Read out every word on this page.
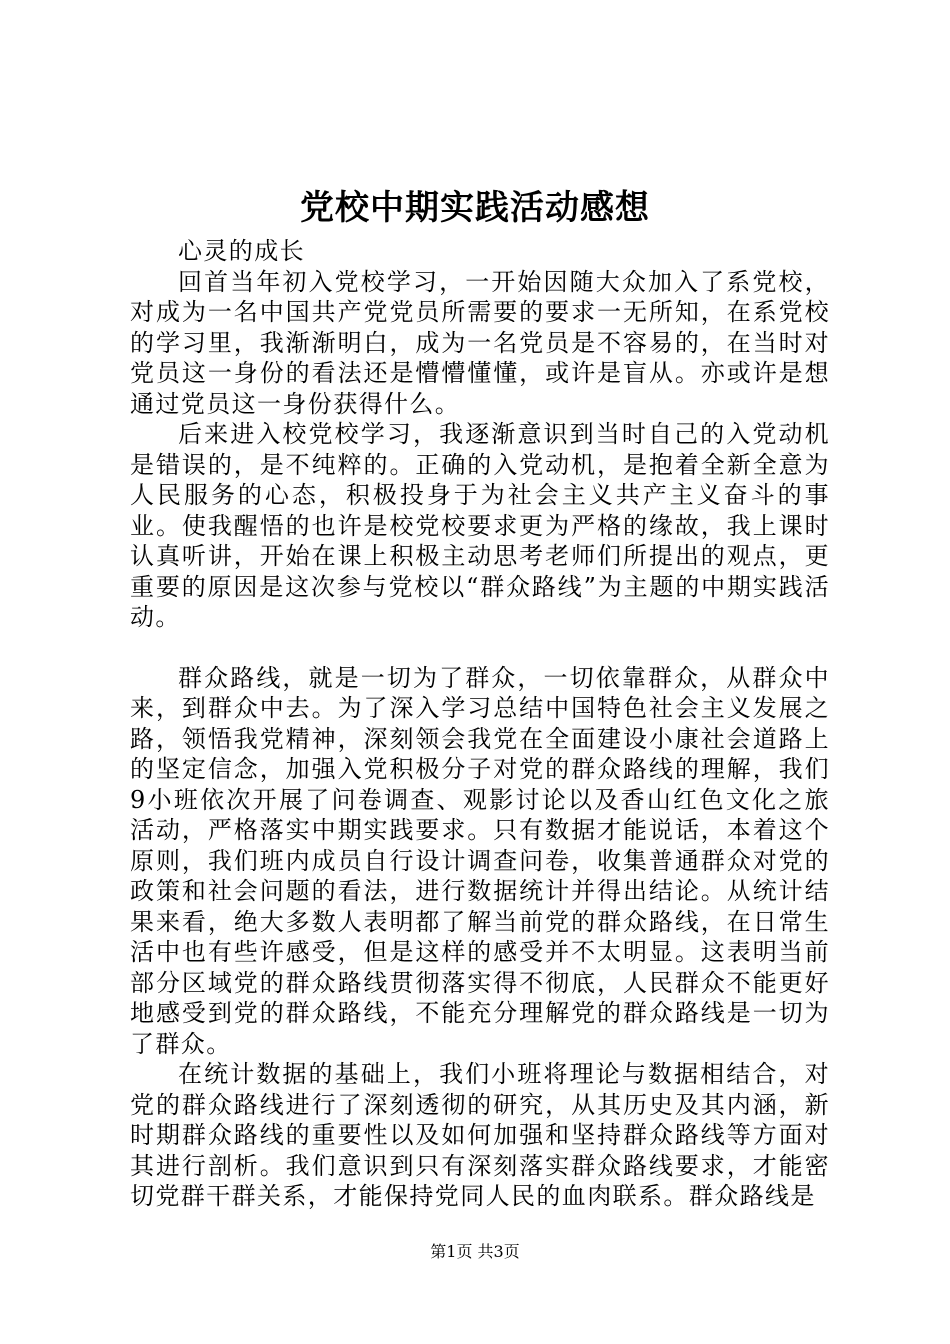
党校中期实践活动感想

心灵的成长

回首当年初入党校学习，一开始因随大众加入了系党校，对成为一名中国共产党党员所需要的要求一无所知，在系党校的学习里，我渐渐明白，成为一名党员是不容易的，在当时对党员这一身份的看法还是懵懵懂懂，或许是盲从。亦或许是想通过党员这一身份获得什么。

后来进入校党校学习，我逐渐意识到当时自己的入党动机是错误的，是不纯粹的。正确的入党动机，是抱着全新全意为人民服务的心态，积极投身于为社会主义共产主义奋斗的事业。使我醒悟的也许是校党校要求更为严格的缘故，我上课时认真听讲，开始在课上积极主动思考老师们所提出的观点，更重要的原因是这次参与党校以“群众路线”为主题的中期实践活动。

群众路线，就是一切为了群众，一切依靠群众，从群众中来，到群众中去。为了深入学习总结中国特色社会主义发展之路，领悟我党精神，深刻领会我党在全面建设小康社会道路上的坚定信念，加强入党积极分子对党的群众路线的理解，我们9小班依次开展了问卷调查、观影讨论以及香山红色文化之旅活动，严格落实中期实践要求。只有数据才能说话，本着这个原则，我们班内成员自行设计调查问卷，收集普通群众对党的政策和社会问题的看法，进行数据统计并得出结论。从统计结果来看，绝大多数人表明都了解当前党的群众路线，在日常生活中也有些许感受，但是这样的感受并不太明显。这表明当前部分区域党的群众路线贯彻落实得不彻底，人民群众不能更好地感受到党的群众路线，不能充分理解党的群众路线是一切为了群众。

在统计数据的基础上，我们小班将理论与数据相结合，对党的群众路线进行了深刻透彻的研究，从其历史及其内涵，新时期群众路线的重要性以及如何加强和坚持群众路线等方面对其进行剖析。我们意识到只有深刻落实群众路线要求，才能密切党群干群关系，才能保持党同人民的血肉联系。群众路线是

第1页 共3页
